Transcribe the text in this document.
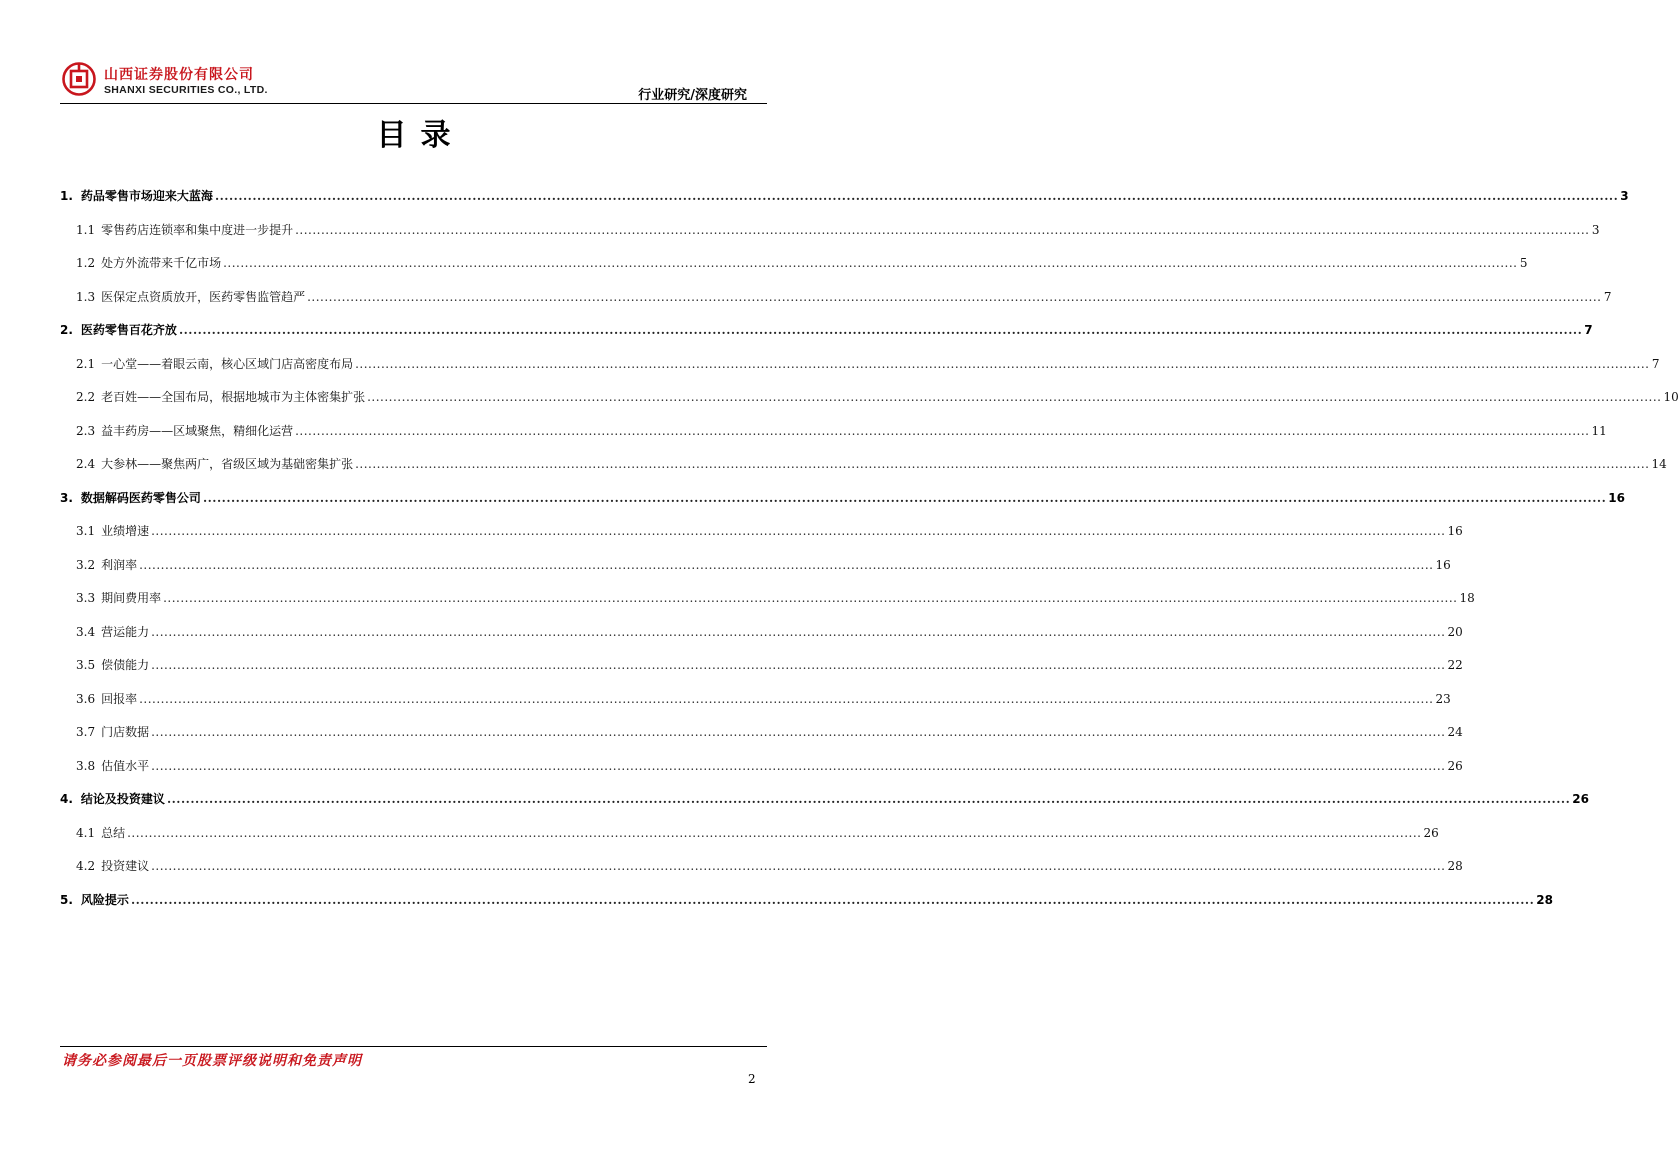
山西证券股份有限公司
SHANXI SECURITIES CO., LTD.	行业研究/深度研究
目录
1. 药品零售市场迎来大蓝海 ............................................................................................................................................................................................................................................................................................................ 3
1.1 零售药店连锁率和集中度进一步提升 ............................................................................................................................................................................................................................................................................................................ 3
1.2 处方外流带来千亿市场 ............................................................................................................................................................................................................................................................................................................ 5
1.3 医保定点资质放开，医药零售监管趋严 ............................................................................................................................................................................................................................................................................................................ 7
2. 医药零售百花齐放 ............................................................................................................................................................................................................................................................................................................ 7
2.1 一心堂——着眼云南，核心区域门店高密度布局 ............................................................................................................................................................................................................................................................................................................ 7
2.2 老百姓——全国布局，根据地城市为主体密集扩张 ............................................................................................................................................................................................................................................................................................................ 10
2.3 益丰药房——区域聚焦，精细化运营 ............................................................................................................................................................................................................................................................................................................ 11
2.4 大参林——聚焦两广，省级区域为基础密集扩张 ............................................................................................................................................................................................................................................................................................................ 14
3. 数据解码医药零售公司 ............................................................................................................................................................................................................................................................................................................ 16
3.1 业绩增速 ............................................................................................................................................................................................................................................................................................................ 16
3.2 利润率 ............................................................................................................................................................................................................................................................................................................ 16
3.3 期间费用率 ............................................................................................................................................................................................................................................................................................................ 18
3.4 营运能力 ............................................................................................................................................................................................................................................................................................................ 20
3.5 偿债能力 ............................................................................................................................................................................................................................................................................................................ 22
3.6 回报率 ............................................................................................................................................................................................................................................................................................................ 23
3.7 门店数据 ............................................................................................................................................................................................................................................................................................................ 24
3.8 估值水平 ............................................................................................................................................................................................................................................................................................................ 26
4. 结论及投资建议 ............................................................................................................................................................................................................................................................................................................ 26
4.1 总结 ............................................................................................................................................................................................................................................................................................................ 26
4.2 投资建议 ............................................................................................................................................................................................................................................................................................................ 28
5. 风险提示 ............................................................................................................................................................................................................................................................................................................ 28
请务必参阅最后一页股票评级说明和免责声明
2
